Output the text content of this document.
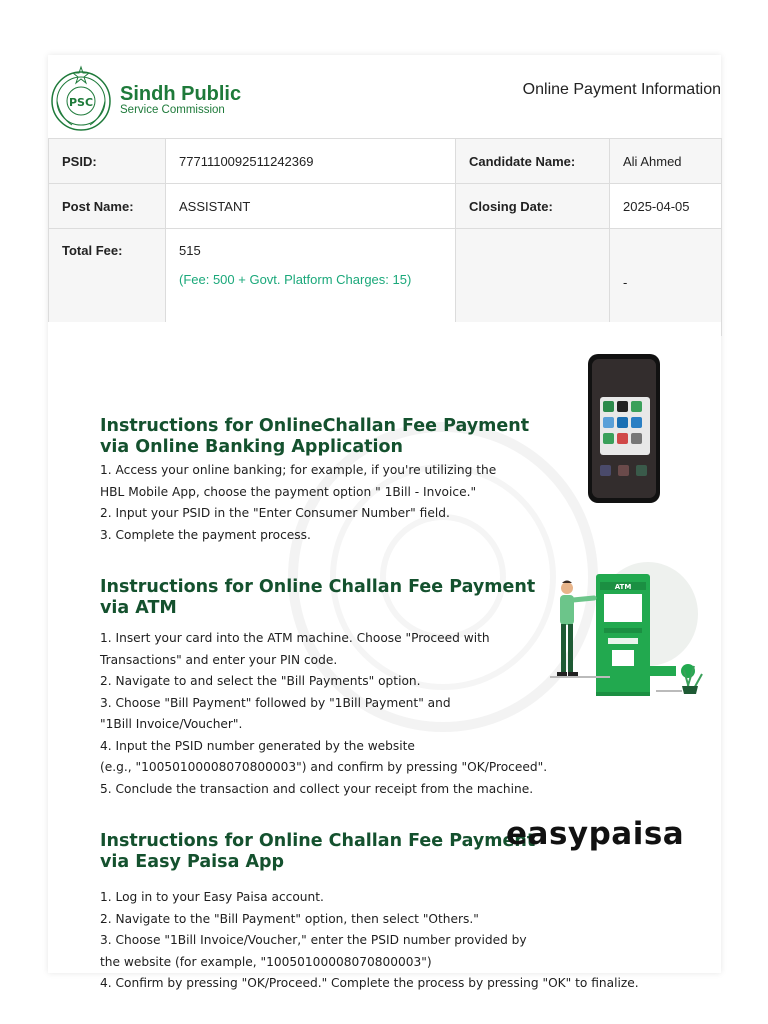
PSC Sindh Public
Service Commission
Online Payment Information
PSID:	7771110092511242369	Candidate Name:	Ali Ahmed
Post Name:	ASSISTANT	Closing Date:	2025-04-05
Total Fee:	515
(Fee: 500 + Govt. Platform Charges: 15)		-
Instructions for OnlineChallan Fee Payment
via Online Banking Application
1. Access your online banking; for example, if you're utilizing the
HBL Mobile App, choose the payment option " 1Bill - Invoice."
2. Input your PSID in the "Enter Consumer Number" field.
3. Complete the payment process.
Instructions for Online Challan Fee Payment
via ATM
1. Insert your card into the ATM machine. Choose "Proceed with
Transactions" and enter your PIN code.
2. Navigate to and select the "Bill Payments" option.
3. Choose "Bill Payment" followed by "1Bill Payment" and
"1Bill Invoice/Voucher".
4. Input the PSID number generated by the website
(e.g., "10050100008070800003") and confirm by pressing "OK/Proceed".
5. Conclude the transaction and collect your receipt from the machine.
ATM
Instructions for Online Challan Fee Payment
via Easy Paisa App
1. Log in to your Easy Paisa account.
2. Navigate to the "Bill Payment" option, then select "Others."
3. Choose "1Bill Invoice/Voucher," enter the PSID number provided by
the website (for example, "10050100008070800003")
4. Confirm by pressing "OK/Proceed." Complete the process by pressing "OK" to finalize.
easypaisa
